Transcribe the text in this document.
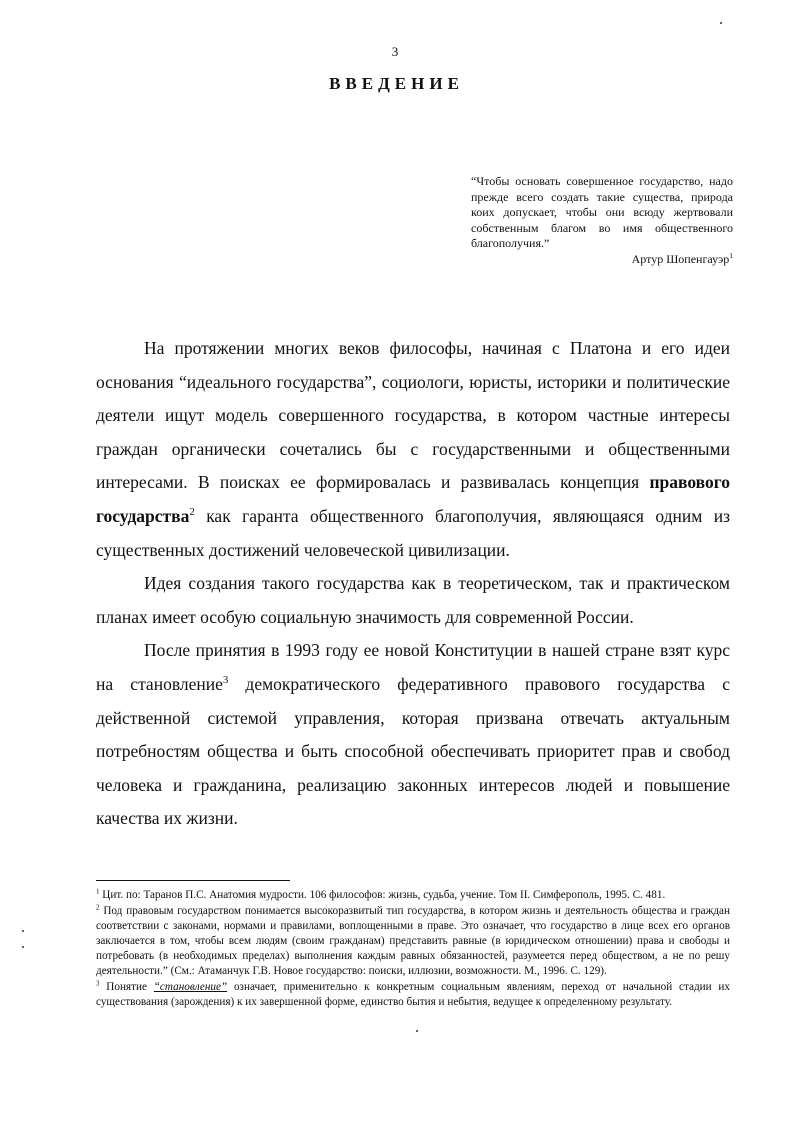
3
ВВЕДЕНИЕ
“Чтобы основать совершенное государство, надо прежде всего создать такие существа, природа коих допускает, чтобы они всюду жертвовали собственным благом во имя общественного благополучия.”
Артур Шопенгауэр$^1$

На протяжении многих веков философы, начиная с Платона и его идеи основания “идеального государства”, социологи, юристы, историки и политические деятели ищут модель совершенного государства, в котором частные интересы граждан органически сочетались бы с государственными и общественными интересами. В поисках ее формировалась и развивалась концепция правового государства$^2$ как гаранта общественного благополучия, являющаяся одним из существенных достижений человеческой цивилизации.

Идея создания такого государства как в теоретическом, так и практическом планах имеет особую социальную значимость для современной России.

После принятия в 1993 году ее новой Конституции в нашей стране взят курс на становление$^3$ демократического федеративного правового государства с действенной системой управления, которая призвана отвечать актуальным потребностям общества и быть способной обеспечивать приоритет прав и свобод человека и гражданина, реализацию законных интересов людей и повышение качества их жизни.

$^1$ Цит. по: Таранов П.С. Анатомия мудрости. 106 философов: жизнь, судьба, учение. Том II. Симферополь, 1995. С. 481.

$^2$ Под правовым государством понимается высокоразвитый тип государства, в котором жизнь и деятельность общества и граждан соответствии с законами, нормами и правилами, воплощенными в праве. Это означает, что государство в лице всех его органов заключается в том, чтобы всем людям (своим гражданам) представить равные (в юридическом отношении) права и свободы и потребовать (в необходимых пределах) выполнения каждым равных обязанностей, разумеется перед обществом, а не по решу деятельности.” (См.: Атаманчук Г.В. Новое государство: поиски, иллюзии, возможности. М., 1996. С. 129).

$^3$ Понятие “становление” означает, применительно к конкретным социальным явлениям, переход от начальной стадии их существования (зарождения) к их завершенной форме, единство бытия и небытия, ведущее к определенному результату.
